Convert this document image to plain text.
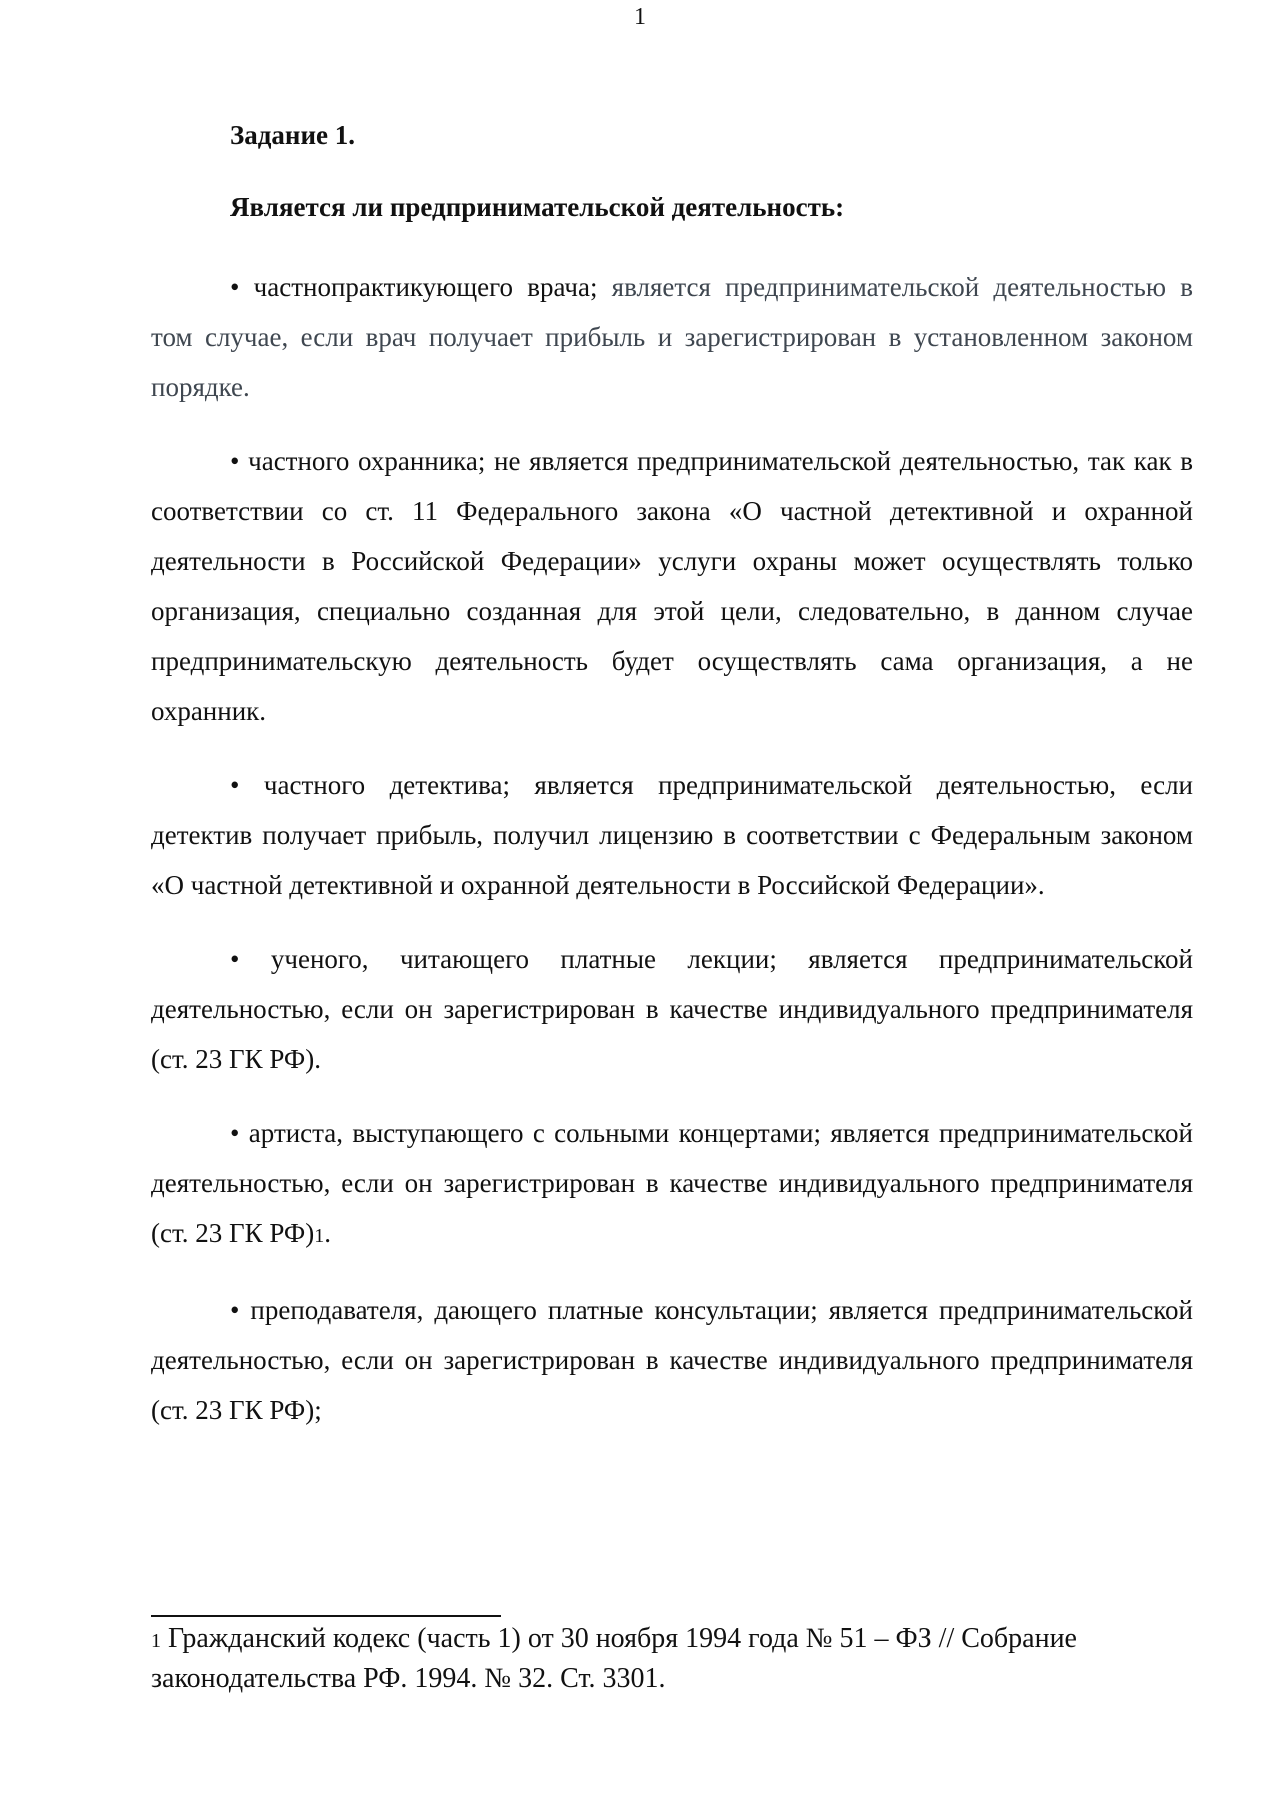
1
Задание 1.
Является ли предпринимательской деятельность:

• частнопрактикующего врача; является предпринимательской деятельностью в том случае, если врач получает прибыль и зарегистрирован в установленном законом порядке.

• частного охранника; не является предпринимательской деятельностью, так как в соответствии со ст. 11 Федерального закона «О частной детективной и охранной деятельности в Российской Федерации» услуги охраны может осуществлять только организация, специально созданная для этой цели, следовательно, в данном случае предпринимательскую деятельность будет осуществлять сама организация, а не охранник.

• частного детектива; является предпринимательской деятельностью, если детектив получает прибыль, получил лицензию в соответствии с Федеральным законом «О частной детективной и охранной деятельности в Российской Федерации».

• ученого, читающего платные лекции; является предпринимательской деятельностью, если он зарегистрирован в качестве индивидуального предпринимателя (ст. 23 ГК РФ).

• артиста, выступающего с сольными концертами; является предпринимательской деятельностью, если он зарегистрирован в качестве индивидуального предпринимателя (ст. 23 ГК РФ)1.

• преподавателя, дающего платные консультации; является предпринимательской деятельностью, если он зарегистрирован в качестве индивидуального предпринимателя (ст. 23 ГК РФ);

1 Гражданский кодекс (часть 1) от 30 ноября 1994 года № 51 – ФЗ // Собрание законодательства РФ. 1994. № 32. Ст. 3301.
